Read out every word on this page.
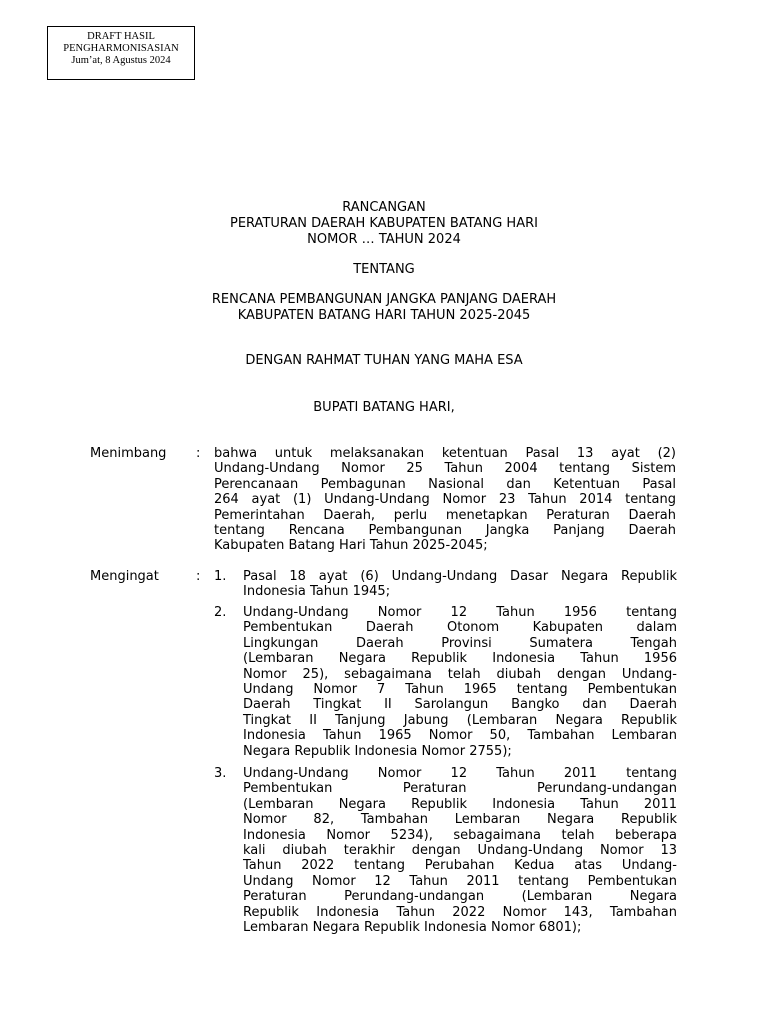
DRAFT HASIL
PENGHARMONISASIAN
Jum’at, 8 Agustus 2024
RANCANGAN
PERATURAN DAERAH KABUPATEN BATANG HARI
NOMOR … TAHUN 2024
TENTANG
RENCANA PEMBANGUNAN JANGKA PANJANG DAERAH
KABUPATEN BATANG HARI TAHUN 2025-2045
DENGAN RAHMAT TUHAN YANG MAHA ESA
BUPATI BATANG HARI,
Menimbang : bahwa untuk melaksanakan ketentuan Pasal 13 ayat (2)
Undang-Undang Nomor 25 Tahun 2004 tentang Sistem
Perencanaan Pembagunan Nasional dan Ketentuan Pasal
264 ayat (1) Undang-Undang Nomor 23 Tahun 2014 tentang
Pemerintahan Daerah, perlu menetapkan Peraturan Daerah
tentang Rencana Pembangunan Jangka Panjang Daerah
Kabupaten Batang Hari Tahun 2025-2045;
Mengingat	: 1. Pasal 18 ayat (6) Undang-Undang Dasar Negara Republik
Indonesia Tahun 1945;
2. Undang-Undang Nomor 12 Tahun 1956 tentang
Pembentukan Daerah Otonom Kabupaten dalam
Lingkungan Daerah Provinsi Sumatera Tengah
(Lembaran Negara Republik Indonesia Tahun 1956
Nomor 25), sebagaimana telah diubah dengan Undang-
Undang Nomor 7 Tahun 1965 tentang Pembentukan
Daerah Tingkat II Sarolangun Bangko dan Daerah
Tingkat II Tanjung Jabung (Lembaran Negara Republik
Indonesia Tahun 1965 Nomor 50, Tambahan Lembaran
Negara Republik Indonesia Nomor 2755);
3. Undang-Undang Nomor 12 Tahun 2011 tentang
Pembentukan Peraturan Perundang-undangan
(Lembaran Negara Republik Indonesia Tahun 2011
Nomor 82, Tambahan Lembaran Negara Republik
Indonesia Nomor 5234), sebagaimana telah beberapa
kali diubah terakhir dengan Undang-Undang Nomor 13
Tahun 2022 tentang Perubahan Kedua atas Undang-
Undang Nomor 12 Tahun 2011 tentang Pembentukan
Peraturan Perundang-undangan (Lembaran Negara
Republik Indonesia Tahun 2022 Nomor 143, Tambahan
Lembaran Negara Republik Indonesia Nomor 6801);
